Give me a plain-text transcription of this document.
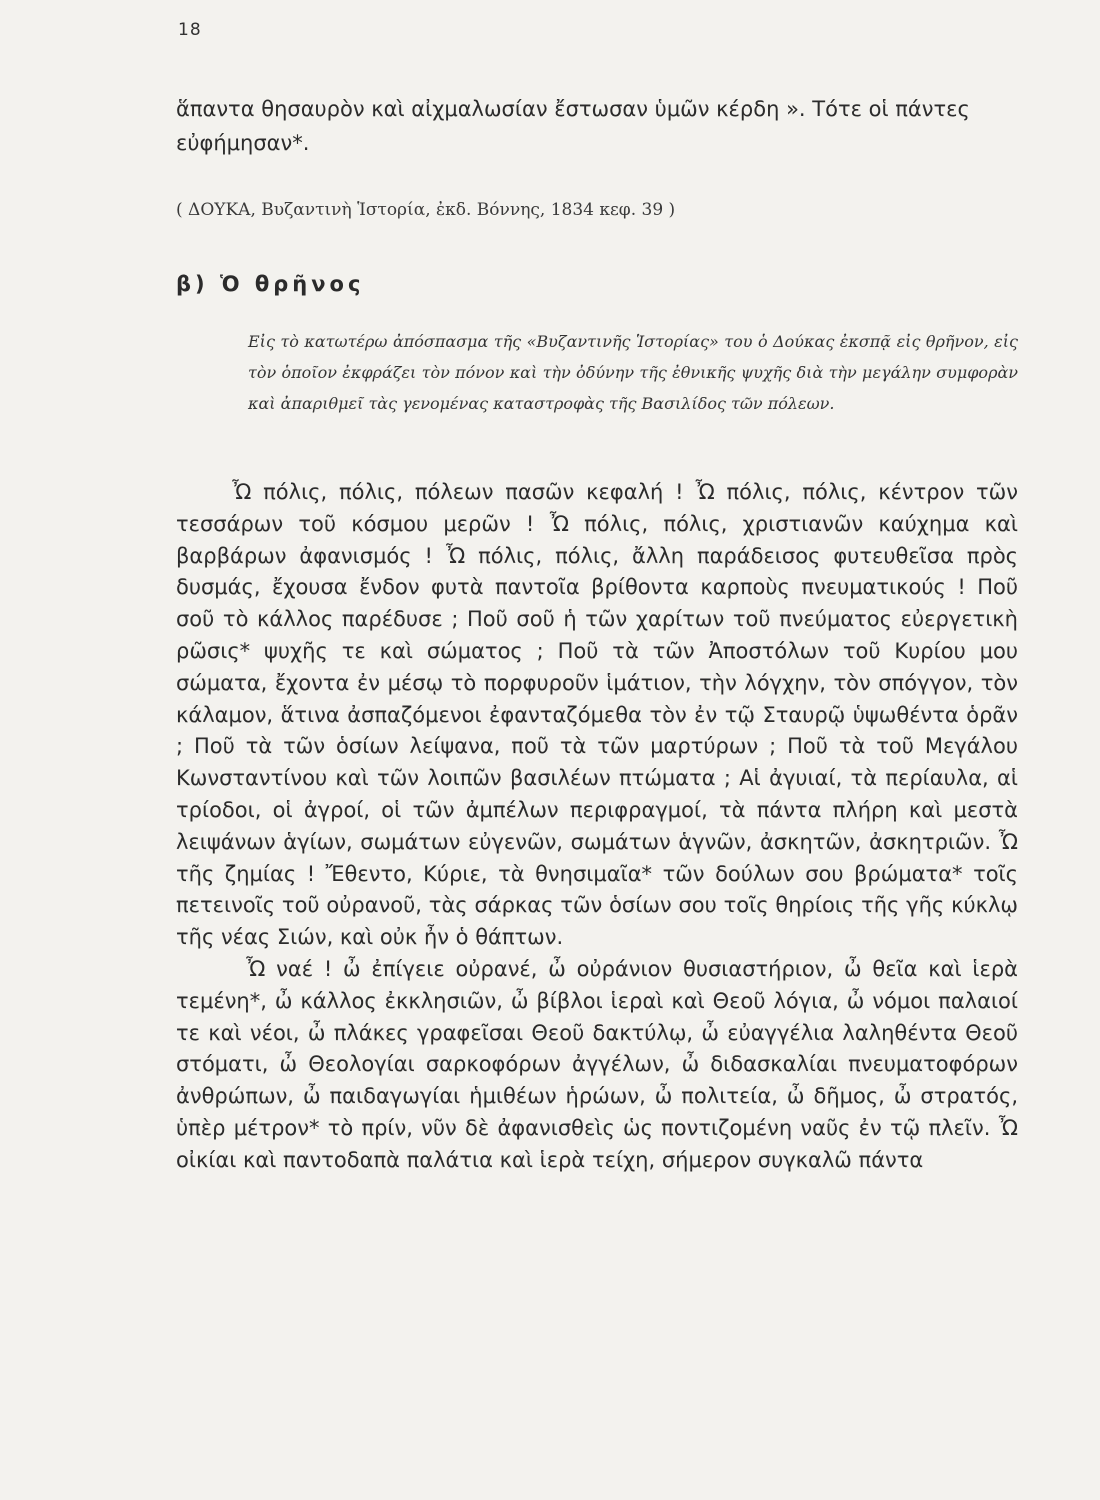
18
ἅπαντα θησαυρὸν καὶ αἰχμαλωσίαν ἔστωσαν ὑμῶν κέρδη ». Τότε οἱ πάντες εὐφήμησαν*.
( ΔΟΥΚΑ, Βυζαντινὴ Ἱστορία, ἐκδ. Βόννης, 1834 κεφ. 39 )
β) Ὁ θρῆνος
Εἰς τὸ κατωτέρω ἀπόσπασμα τῆς «Βυζαντινῆς Ἱστορίας» του ὁ Δούκας ἐκσπᾷ εἰς θρῆνον, εἰς τὸν ὁποῖον ἐκφράζει τὸν πόνον καὶ τὴν ὀδύνην τῆς ἐθνικῆς ψυχῆς διὰ τὴν μεγάλην συμφορὰν καὶ ἀπαριθμεῖ τὰς γενομένας καταστροφὰς τῆς Βασιλίδος τῶν πόλεων.

Ὦ πόλις, πόλις, πόλεων πασῶν κεφαλή ! Ὦ πόλις, πόλις, κέντρον τῶν τεσσάρων τοῦ κόσμου μερῶν ! Ὦ πόλις, πόλις, χριστιανῶν καύχημα καὶ βαρβάρων ἀφανισμός ! Ὦ πόλις, πόλις, ἄλλη παράδεισος φυτευθεῖσα πρὸς δυσμάς, ἔχουσα ἔνδον φυτὰ παντοῖα βρίθοντα καρποὺς πνευματικούς ! Ποῦ σοῦ τὸ κάλλος παρέδυσε ; Ποῦ σοῦ ἡ τῶν χαρίτων τοῦ πνεύματος εὐεργετικὴ ρῶσις* ψυχῆς τε καὶ σώματος ; Ποῦ τὰ τῶν Ἀποστόλων τοῦ Κυρίου μου σώματα, ἔχοντα ἐν μέσῳ τὸ πορφυροῦν ἱμάτιον, τὴν λόγχην, τὸν σπόγγον, τὸν κάλαμον, ἅτινα ἀσπαζόμενοι ἐφανταζόμεθα τὸν ἐν τῷ Σταυρῷ ὑψωθέντα ὁρᾶν ; Ποῦ τὰ τῶν ὁσίων λείψανα, ποῦ τὰ τῶν μαρτύρων ; Ποῦ τὰ τοῦ Μεγάλου Κωνσταντίνου καὶ τῶν λοιπῶν βασιλέων πτώματα ; Αἱ ἀγυιαί, τὰ περίαυλα, αἱ τρίοδοι, οἱ ἀγροί, οἱ τῶν ἀμπέλων περιφραγμοί, τὰ πάντα πλήρη καὶ μεστὰ λειψάνων ἁγίων, σωμάτων εὐγενῶν, σωμάτων ἁγνῶν, ἀσκητῶν, ἀσκητριῶν. Ὦ τῆς ζημίας ! Ἔθεντο, Κύριε, τὰ θνησιμαῖα* τῶν δούλων σου βρώματα* τοῖς πετεινοῖς τοῦ οὐρανοῦ, τὰς σάρκας τῶν ὁσίων σου τοῖς θηρίοις τῆς γῆς κύκλῳ τῆς νέας Σιών, καὶ οὐκ ἦν ὁ θάπτων.

Ὦ ναέ ! ὦ ἐπίγειε οὐρανέ, ὦ οὐράνιον θυσιαστήριον, ὦ θεῖα καὶ ἱερὰ τεμένη*, ὦ κάλλος ἐκκλησιῶν, ὦ βίβλοι ἱεραὶ καὶ Θεοῦ λόγια, ὦ νόμοι παλαιοί τε καὶ νέοι, ὦ πλάκες γραφεῖσαι Θεοῦ δακτύλῳ, ὦ εὐαγγέλια λαληθέντα Θεοῦ στόματι, ὦ Θεολογίαι σαρκοφόρων ἀγγέλων, ὦ διδασκαλίαι πνευματοφόρων ἀνθρώπων, ὦ παιδαγωγίαι ἡμιθέων ἡρώων, ὦ πολιτεία, ὦ δῆμος, ὦ στρατός, ὑπὲρ μέτρον* τὸ πρίν, νῦν δὲ ἀφανισθεὶς ὡς ποντιζομένη ναῦς ἐν τῷ πλεῖν. Ὦ οἰκίαι καὶ παντοδαπὰ παλάτια καὶ ἱερὰ τείχη, σήμερον συγκαλῶ πάντα
